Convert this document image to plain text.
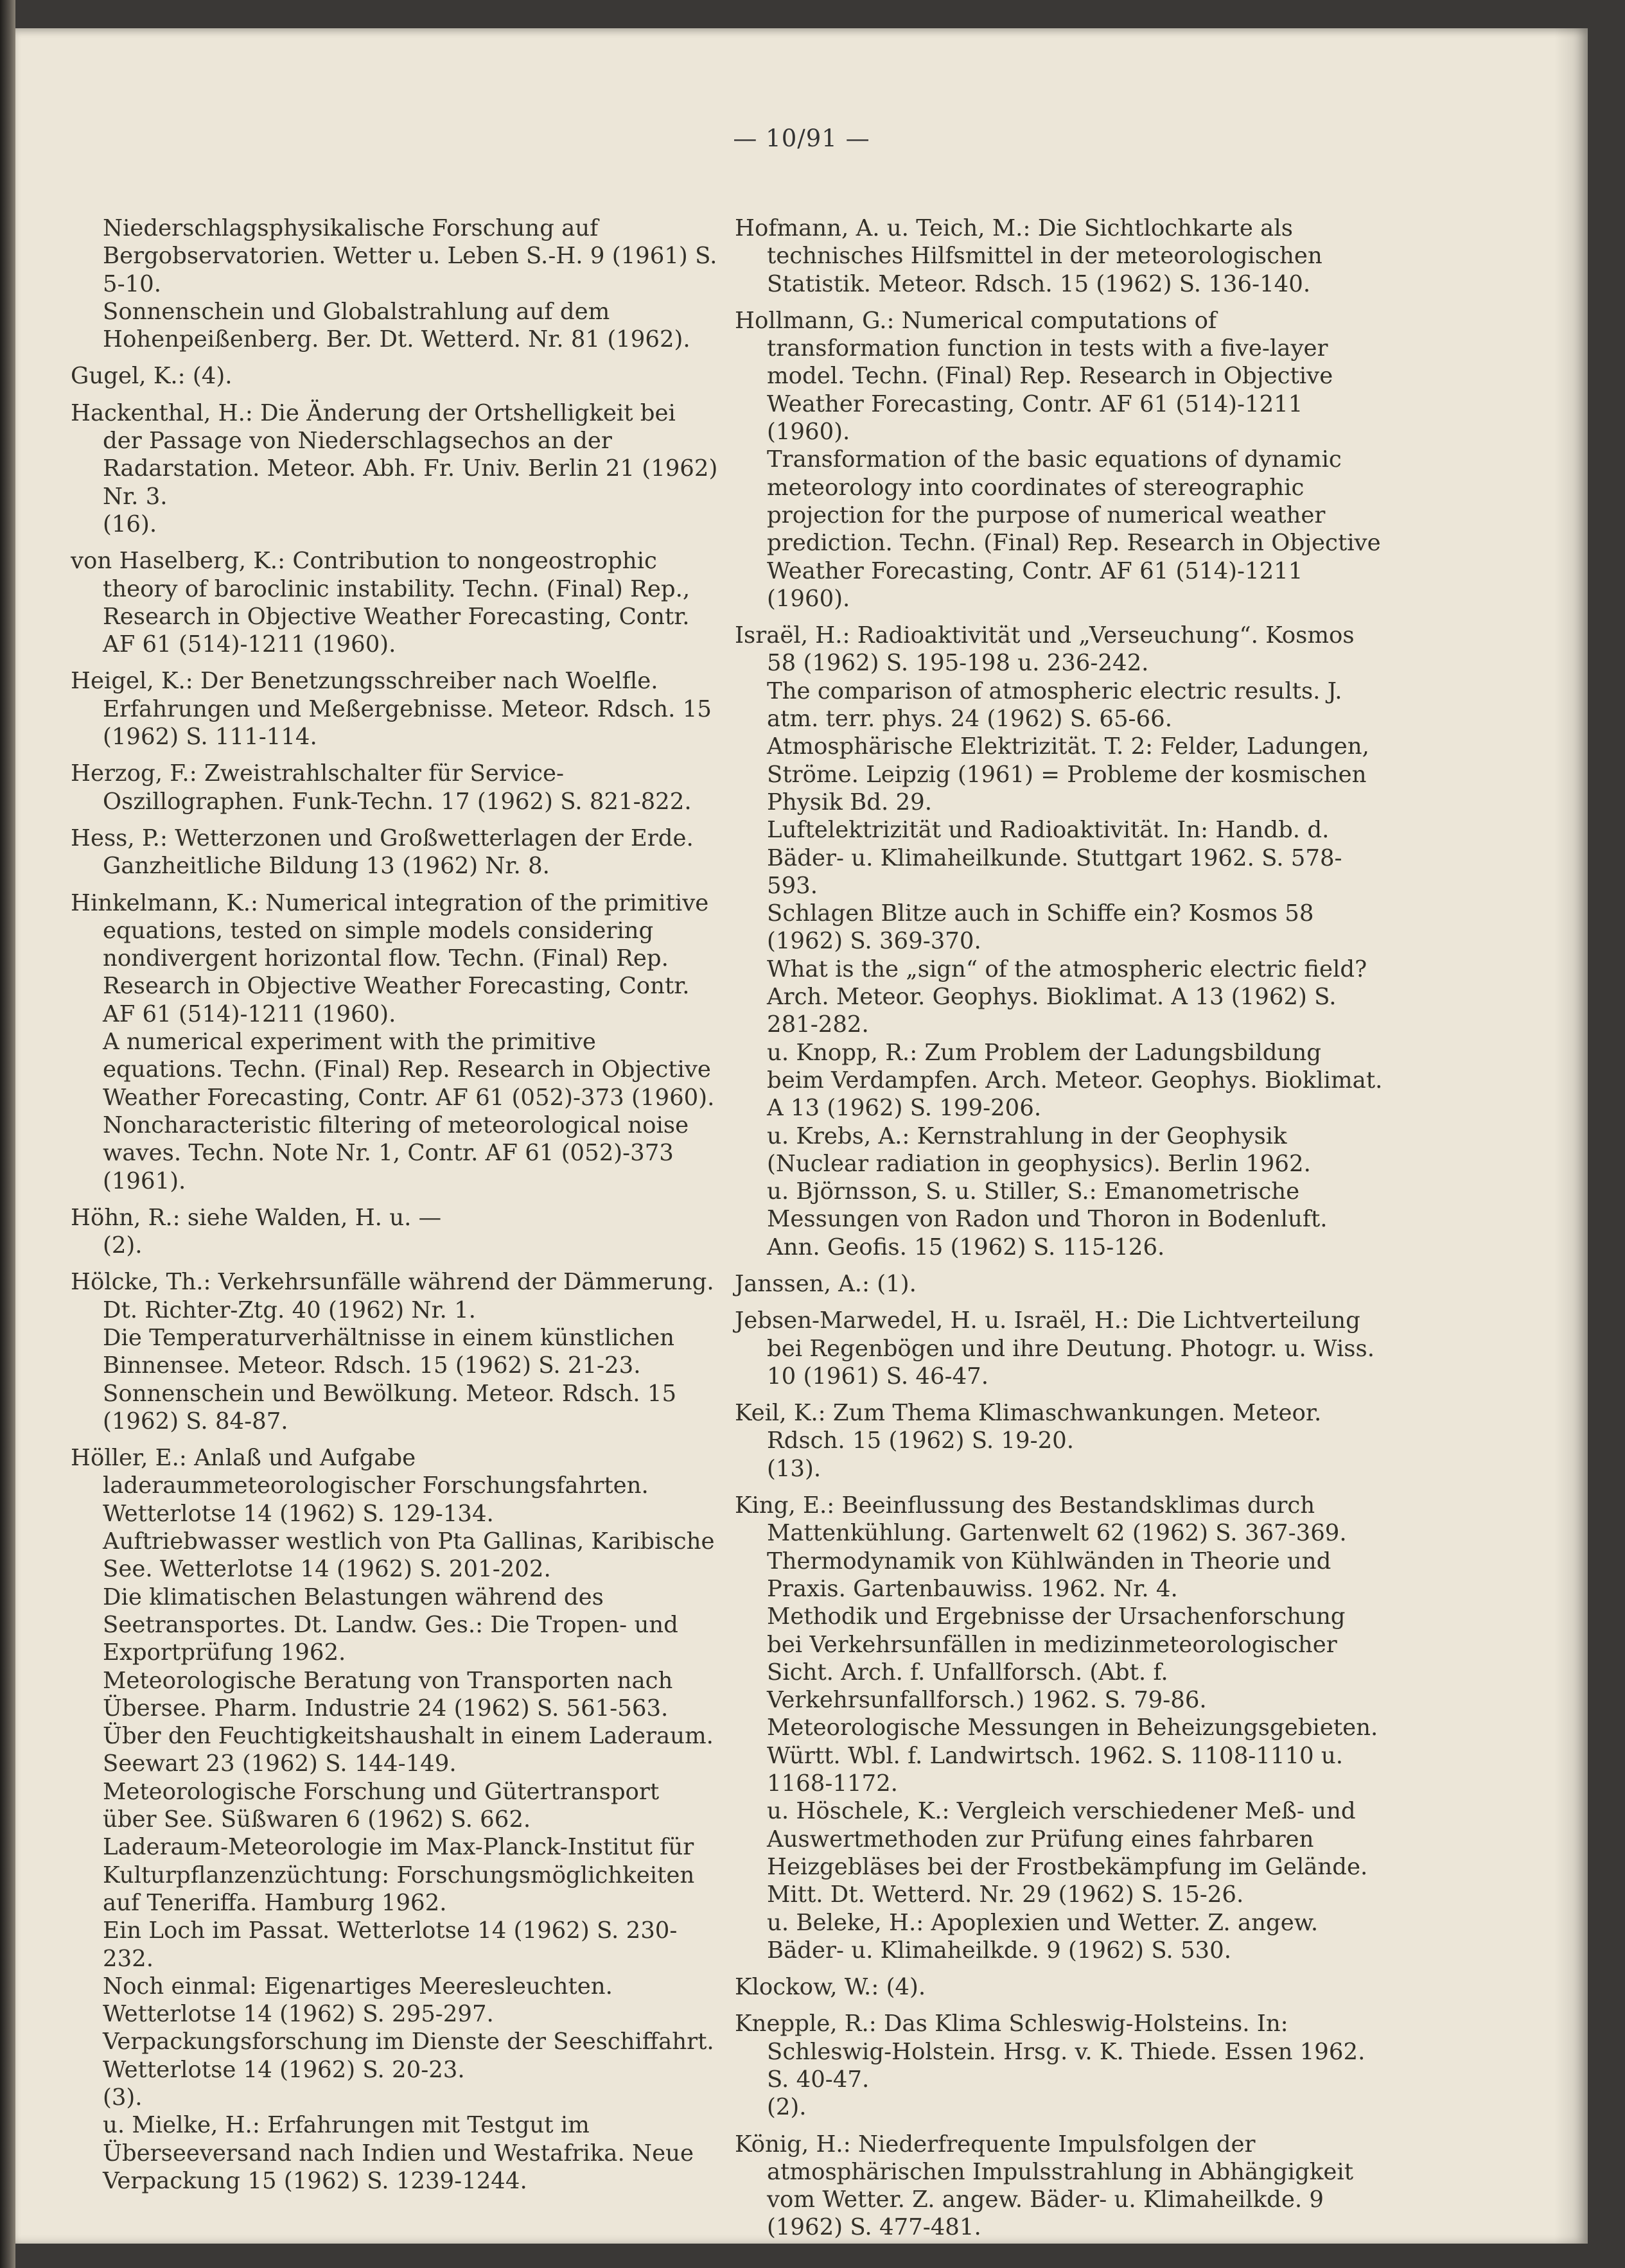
— 10/91 —

Niederschlagsphysikalische Forschung auf Bergobservatorien. Wetter u. Leben S.-H. 9 (1961) S. 5-10.

Sonnenschein und Globalstrahlung auf dem Hohenpeißenberg. Ber. Dt. Wetterd. Nr. 81 (1962).

Gugel, K.: (4).

Hackenthal, H.: Die Änderung der Ortshelligkeit bei der Passage von Niederschlagsechos an der Radarstation. Meteor. Abh. Fr. Univ. Berlin 21 (1962) Nr. 3.

(16).

von Haselberg, K.: Contribution to nongeostrophic theory of baroclinic instability. Techn. (Final) Rep., Research in Objective Weather Forecasting, Contr. AF 61 (514)-1211 (1960).

Heigel, K.: Der Benetzungsschreiber nach Woelfle. Erfahrungen und Meßergebnisse. Meteor. Rdsch. 15 (1962) S. 111-114.

Herzog, F.: Zweistrahlschalter für Service-Oszillographen. Funk-Techn. 17 (1962) S. 821-822.

Hess, P.: Wetterzonen und Großwetterlagen der Erde. Ganzheitliche Bildung 13 (1962) Nr. 8.

Hinkelmann, K.: Numerical integration of the primitive equations, tested on simple models considering nondivergent horizontal flow. Techn. (Final) Rep. Research in Objective Weather Forecasting, Contr. AF 61 (514)-1211 (1960).

A numerical experiment with the primitive equations. Techn. (Final) Rep. Research in Objective Weather Forecasting, Contr. AF 61 (052)-373 (1960).

Noncharacteristic filtering of meteorological noise waves. Techn. Note Nr. 1, Contr. AF 61 (052)-373 (1961).

Höhn, R.: siehe Walden, H. u. —

(2).

Hölcke, Th.: Verkehrsunfälle während der Dämmerung. Dt. Richter-Ztg. 40 (1962) Nr. 1.

Die Temperaturverhältnisse in einem künstlichen Binnensee. Meteor. Rdsch. 15 (1962) S. 21-23.

Sonnenschein und Bewölkung. Meteor. Rdsch. 15 (1962) S. 84-87.

Höller, E.: Anlaß und Aufgabe laderaummeteorologischer Forschungsfahrten. Wetterlotse 14 (1962) S. 129-134.

Auftriebwasser westlich von Pta Gallinas, Karibische See. Wetterlotse 14 (1962) S. 201-202.

Die klimatischen Belastungen während des Seetransportes. Dt. Landw. Ges.: Die Tropen- und Exportprüfung 1962.

Meteorologische Beratung von Transporten nach Übersee. Pharm. Industrie 24 (1962) S. 561-563.

Über den Feuchtigkeitshaushalt in einem Laderaum. Seewart 23 (1962) S. 144-149.

Meteorologische Forschung und Gütertransport über See. Süßwaren 6 (1962) S. 662.

Laderaum-Meteorologie im Max-Planck-Institut für Kulturpflanzenzüchtung: Forschungsmöglichkeiten auf Teneriffa. Hamburg 1962.

Ein Loch im Passat. Wetterlotse 14 (1962) S. 230-232.

Noch einmal: Eigenartiges Meeresleuchten. Wetterlotse 14 (1962) S. 295-297.

Verpackungsforschung im Dienste der Seeschiffahrt. Wetterlotse 14 (1962) S. 20-23.

(3).

u. Mielke, H.: Erfahrungen mit Testgut im Überseeversand nach Indien und Westafrika. Neue Verpackung 15 (1962) S. 1239-1244.

Hofmann, A. u. Teich, M.: Die Sichtlochkarte als technisches Hilfsmittel in der meteorologischen Statistik. Meteor. Rdsch. 15 (1962) S. 136-140.

Hollmann, G.: Numerical computations of transformation function in tests with a five-layer model. Techn. (Final) Rep. Research in Objective Weather Forecasting, Contr. AF 61 (514)-1211 (1960).

Transformation of the basic equations of dynamic meteorology into coordinates of stereographic projection for the purpose of numerical weather prediction. Techn. (Final) Rep. Research in Objective Weather Forecasting, Contr. AF 61 (514)-1211 (1960).

Israël, H.: Radioaktivität und „Verseuchung“. Kosmos 58 (1962) S. 195-198 u. 236-242.

The comparison of atmospheric electric results. J. atm. terr. phys. 24 (1962) S. 65-66.

Atmosphärische Elektrizität. T. 2: Felder, Ladungen, Ströme. Leipzig (1961) = Probleme der kosmischen Physik Bd. 29.

Luftelektrizität und Radioaktivität. In: Handb. d. Bäder- u. Klimaheilkunde. Stuttgart 1962. S. 578-593.

Schlagen Blitze auch in Schiffe ein? Kosmos 58 (1962) S. 369-370.

What is the „sign“ of the atmospheric electric field? Arch. Meteor. Geophys. Bioklimat. A 13 (1962) S. 281-282.

u. Knopp, R.: Zum Problem der Ladungsbildung beim Verdampfen. Arch. Meteor. Geophys. Bioklimat. A 13 (1962) S. 199-206.

u. Krebs, A.: Kernstrahlung in der Geophysik (Nuclear radiation in geophysics). Berlin 1962.

u. Björnsson, S. u. Stiller, S.: Emanometrische Messungen von Radon und Thoron in Bodenluft. Ann. Geofis. 15 (1962) S. 115-126.

Janssen, A.: (1).

Jebsen-Marwedel, H. u. Israël, H.: Die Lichtverteilung bei Regenbögen und ihre Deutung. Photogr. u. Wiss. 10 (1961) S. 46-47.

Keil, K.: Zum Thema Klimaschwankungen. Meteor. Rdsch. 15 (1962) S. 19-20.

(13).

King, E.: Beeinflussung des Bestandsklimas durch Mattenkühlung. Gartenwelt 62 (1962) S. 367-369.

Thermodynamik von Kühlwänden in Theorie und Praxis. Gartenbauwiss. 1962. Nr. 4.

Methodik und Ergebnisse der Ursachenforschung bei Verkehrsunfällen in medizinmeteorologischer Sicht. Arch. f. Unfallforsch. (Abt. f. Verkehrsunfallforsch.) 1962. S. 79-86.

Meteorologische Messungen in Beheizungsgebieten. Württ. Wbl. f. Landwirtsch. 1962. S. 1108-1110 u. 1168-1172.

u. Höschele, K.: Vergleich verschiedener Meß- und Auswertmethoden zur Prüfung eines fahrbaren Heizgebläses bei der Frostbekämpfung im Gelände. Mitt. Dt. Wetterd. Nr. 29 (1962) S. 15-26.

u. Beleke, H.: Apoplexien und Wetter. Z. angew. Bäder- u. Klimaheilkde. 9 (1962) S. 530.

Klockow, W.: (4).

Knepple, R.: Das Klima Schleswig-Holsteins. In: Schleswig-Holstein. Hrsg. v. K. Thiede. Essen 1962. S. 40-47.

(2).

König, H.: Niederfrequente Impulsfolgen der atmosphärischen Impulsstrahlung in Abhängigkeit vom Wetter. Z. angew. Bäder- u. Klimaheilkde. 9 (1962) S. 477-481.
